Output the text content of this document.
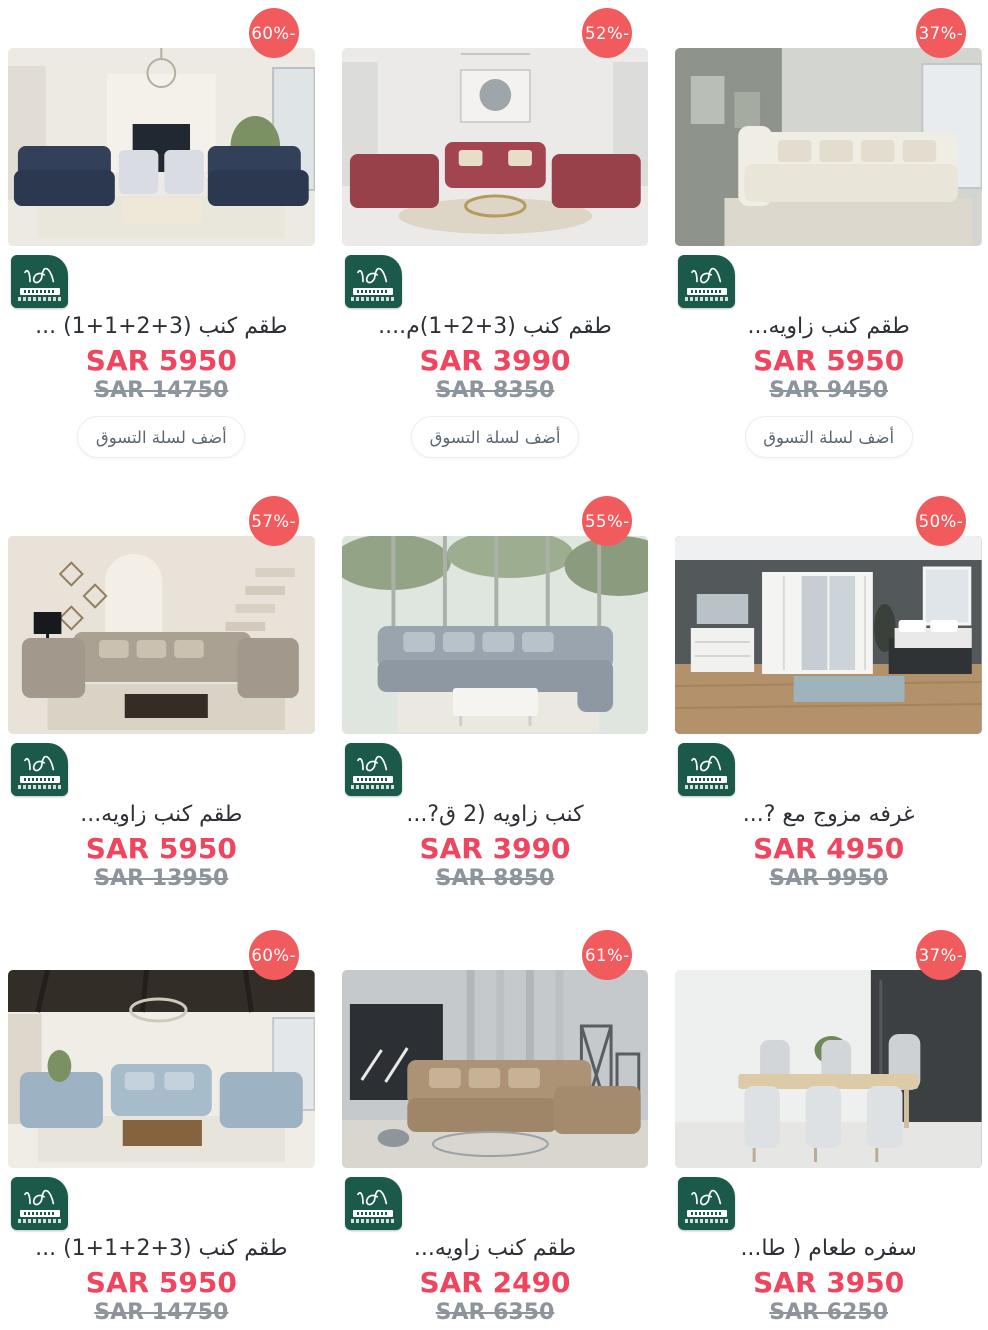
60%-
طقم كنب (3+2+1+1) ...
SAR 5950
SAR 14750
أضف لسلة التسوق
52%-
طقم كنب (3+2+1)م....
SAR 3990
SAR 8350
أضف لسلة التسوق
37%-
طقم كنب زاويه...
SAR 5950
SAR 9450
أضف لسلة التسوق
57%-
طقم كنب زاويه...
SAR 5950
SAR 13950
55%-
كنب زاويه (2 ق?...
SAR 3990
SAR 8850
50%-
غرفه مزوج مع ?...
SAR 4950
SAR 9950
60%-
طقم كنب (3+2+1+1) ...
SAR 5950
SAR 14750
61%-
طقم كنب زاويه...
SAR 2490
SAR 6350
37%-
سفره طعام ( طا...
SAR 3950
SAR 6250
